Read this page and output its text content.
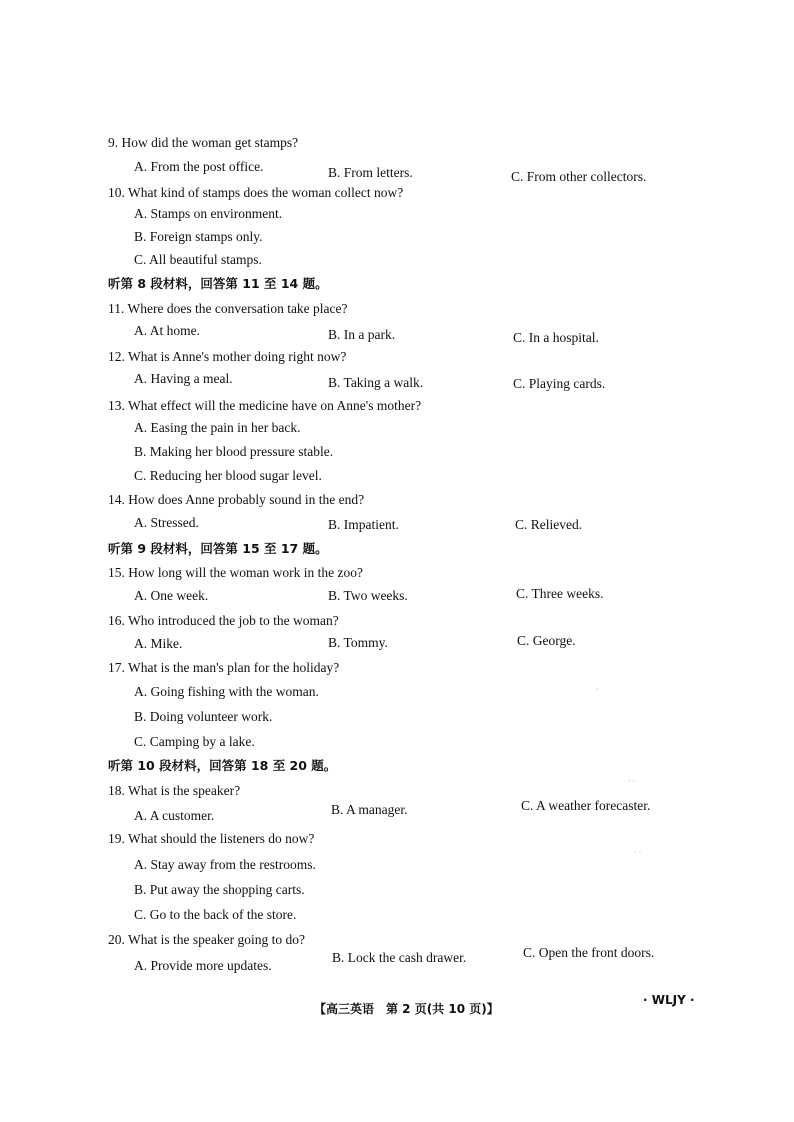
9. How did the woman get stamps?
A. From the post office.	B. From letters.	C. From other collectors.
10. What kind of stamps does the woman collect now?
A. Stamps on environment.
B. Foreign stamps only.
C. All beautiful stamps.
听第 8 段材料，回答第 11 至 14 题。
11. Where does the conversation take place?
A. At home.	B. In a park.	C. In a hospital.
12. What is Anne's mother doing right now?
A. Having a meal.	B. Taking a walk.	C. Playing cards.
13. What effect will the medicine have on Anne's mother?
A. Easing the pain in her back.
B. Making her blood pressure stable.
C. Reducing her blood sugar level.
14. How does Anne probably sound in the end?
A. Stressed.	B. Impatient.	C. Relieved.
听第 9 段材料，回答第 15 至 17 题。
15. How long will the woman work in the zoo?
A. One week.	B. Two weeks.	C. Three weeks.
16. Who introduced the job to the woman?
A. Mike.	B. Tommy.	C. George.
17. What is the man's plan for the holiday?
A. Going fishing with the woman.
B. Doing volunteer work.
C. Camping by a lake.
听第 10 段材料，回答第 18 至 20 题。
18. What is the speaker?
A. A customer.	B. A manager.	C. A weather forecaster.
19. What should the listeners do now?
A. Stay away from the restrooms.
B. Put away the shopping carts.
C. Go to the back of the store.
20. What is the speaker going to do?
A. Provide more updates.
B. Lock the cash drawer.	C. Open the front doors.
【高三英语　第 2 页(共 10 页)】
· WLJY ·
·
· ·
· ·
